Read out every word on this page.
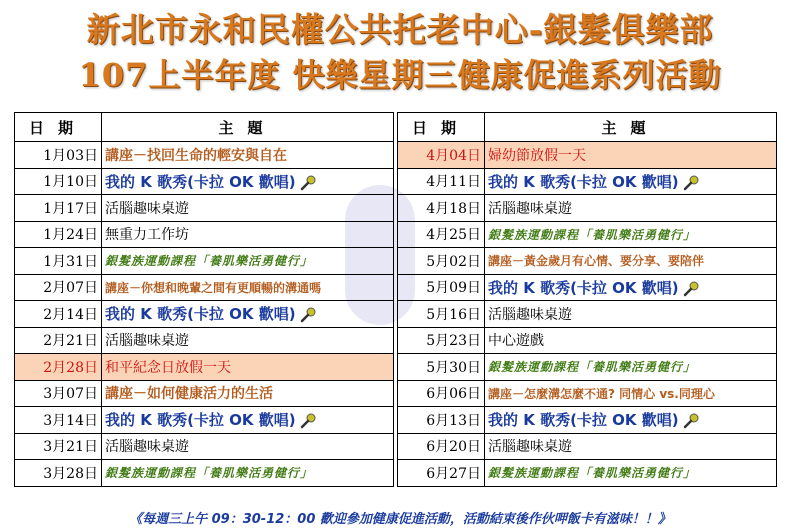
新北市永和民權公共托老中心-銀髮俱樂部
107上半年度 快樂星期三健康促進系列活動
日期	主題
1月03日	講座－找回生命的輕安與自在
1月10日	我的 K 歌秀(卡拉 OK 歡唱)
1月17日	活腦趣味桌遊
1月24日	無重力工作坊
1月31日	銀髮族運動課程「養肌樂活勇健行」
2月07日	講座－你想和晚輩之間有更順暢的溝通嗎
2月14日	我的 K 歌秀(卡拉 OK 歡唱)
2月21日	活腦趣味桌遊
2月28日	和平紀念日放假一天
3月07日	講座－如何健康活力的生活
3月14日	我的 K 歌秀(卡拉 OK 歡唱)
3月21日	活腦趣味桌遊
3月28日	銀髮族運動課程「養肌樂活勇健行」
日期	主題
4月04日	婦幼節放假一天
4月11日	我的 K 歌秀(卡拉 OK 歡唱)
4月18日	活腦趣味桌遊
4月25日	銀髮族運動課程「養肌樂活勇健行」
5月02日	講座－黃金歲月有心情、要分享、要陪伴
5月09日	我的 K 歌秀(卡拉 OK 歡唱)
5月16日	活腦趣味桌遊
5月23日	中心遊戲
5月30日	銀髮族運動課程「養肌樂活勇健行」
6月06日	講座－怎麼溝怎麼不通? 同情心 vs.同理心
6月13日	我的 K 歌秀(卡拉 OK 歡唱)
6月20日	活腦趣味桌遊
6月27日	銀髮族運動課程「養肌樂活勇健行」
《每週三上午 09：30-12：00 歡迎參加健康促進活動，活動結束後作伙呷飯卡有滋味！！》
